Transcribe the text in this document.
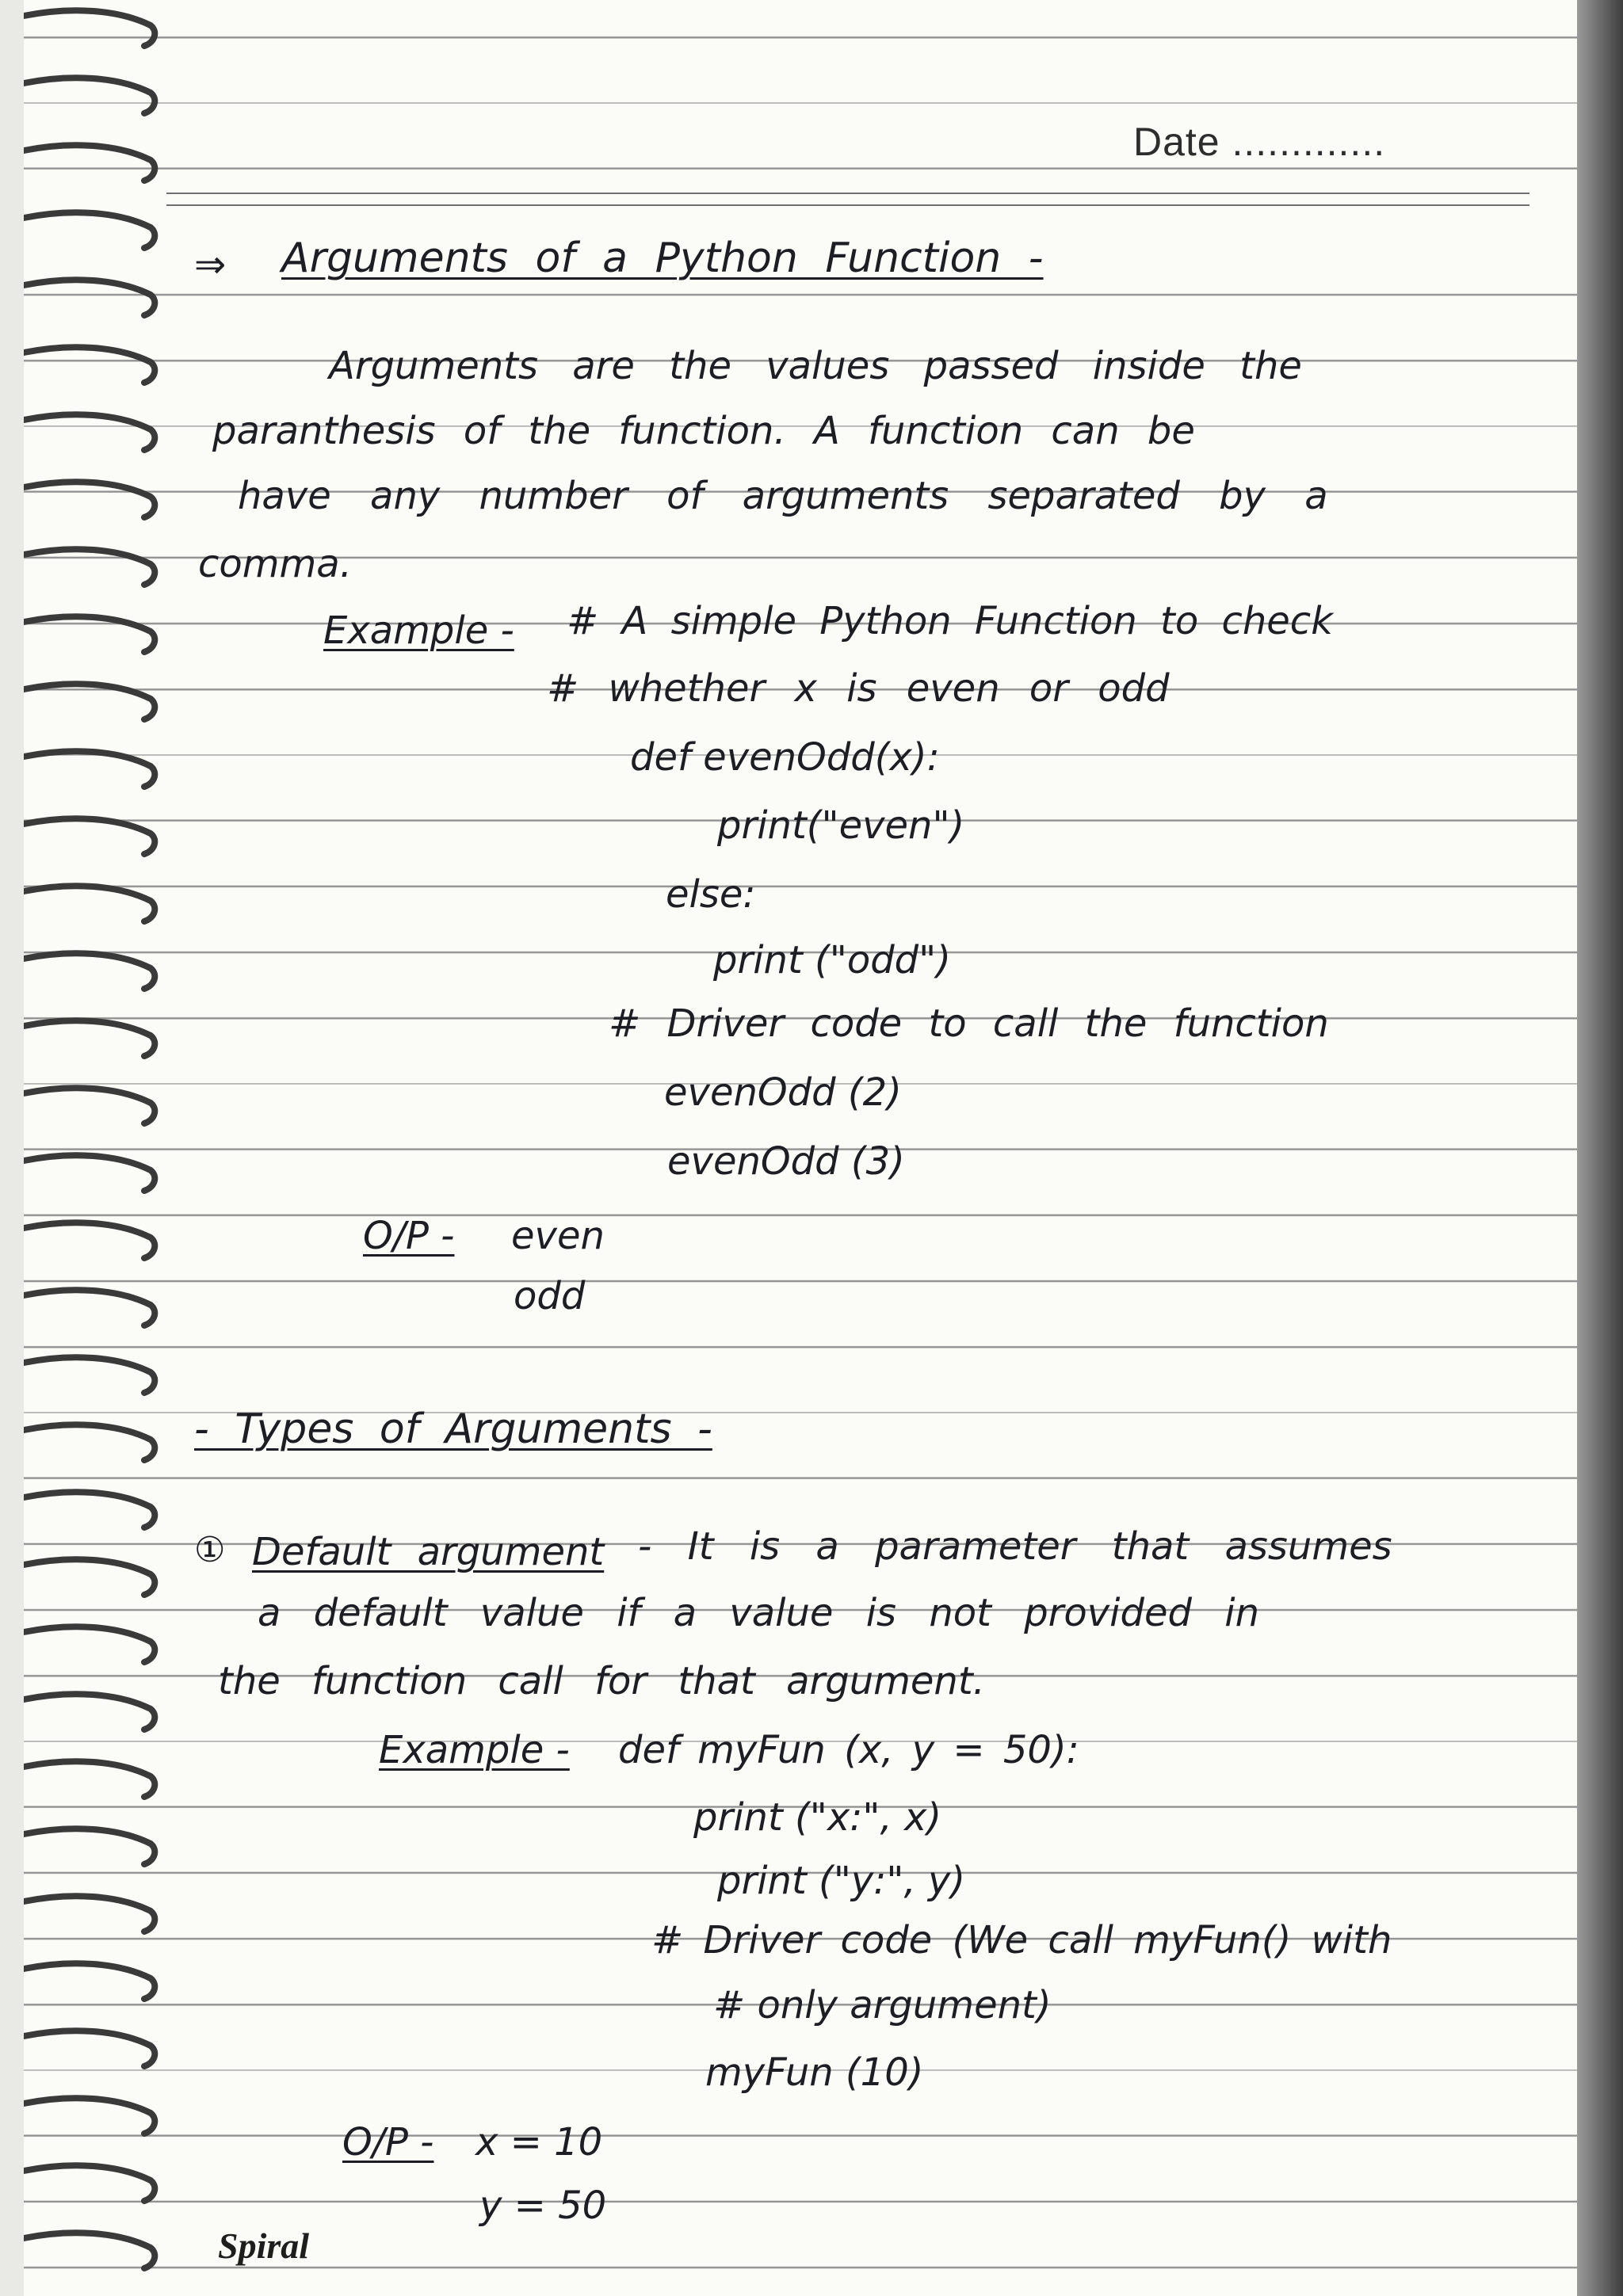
Date .............
⇒ Arguments of a Python Function -
Arguments are the values passed inside the
paranthesis of the function. A function can be
have any number of arguments separated by a
comma.
Example - # A simple Python Function to check
# whether x is even or odd
def evenOdd(x):
print("even")
else:
print ("odd")
# Driver code to call the function
evenOdd (2)
evenOdd (3)
O/P - even
odd
- Types of Arguments -
① Default argument - It is a parameter that assumes
a default value if a value is not provided in
the function call for that argument.
Example - def myFun (x, y = 50):
print ("x:", x)
print ("y:", y)
# Driver code (We call myFun() with
# only argument)
myFun (10)
O/P - x = 10
y = 50
Spiral
